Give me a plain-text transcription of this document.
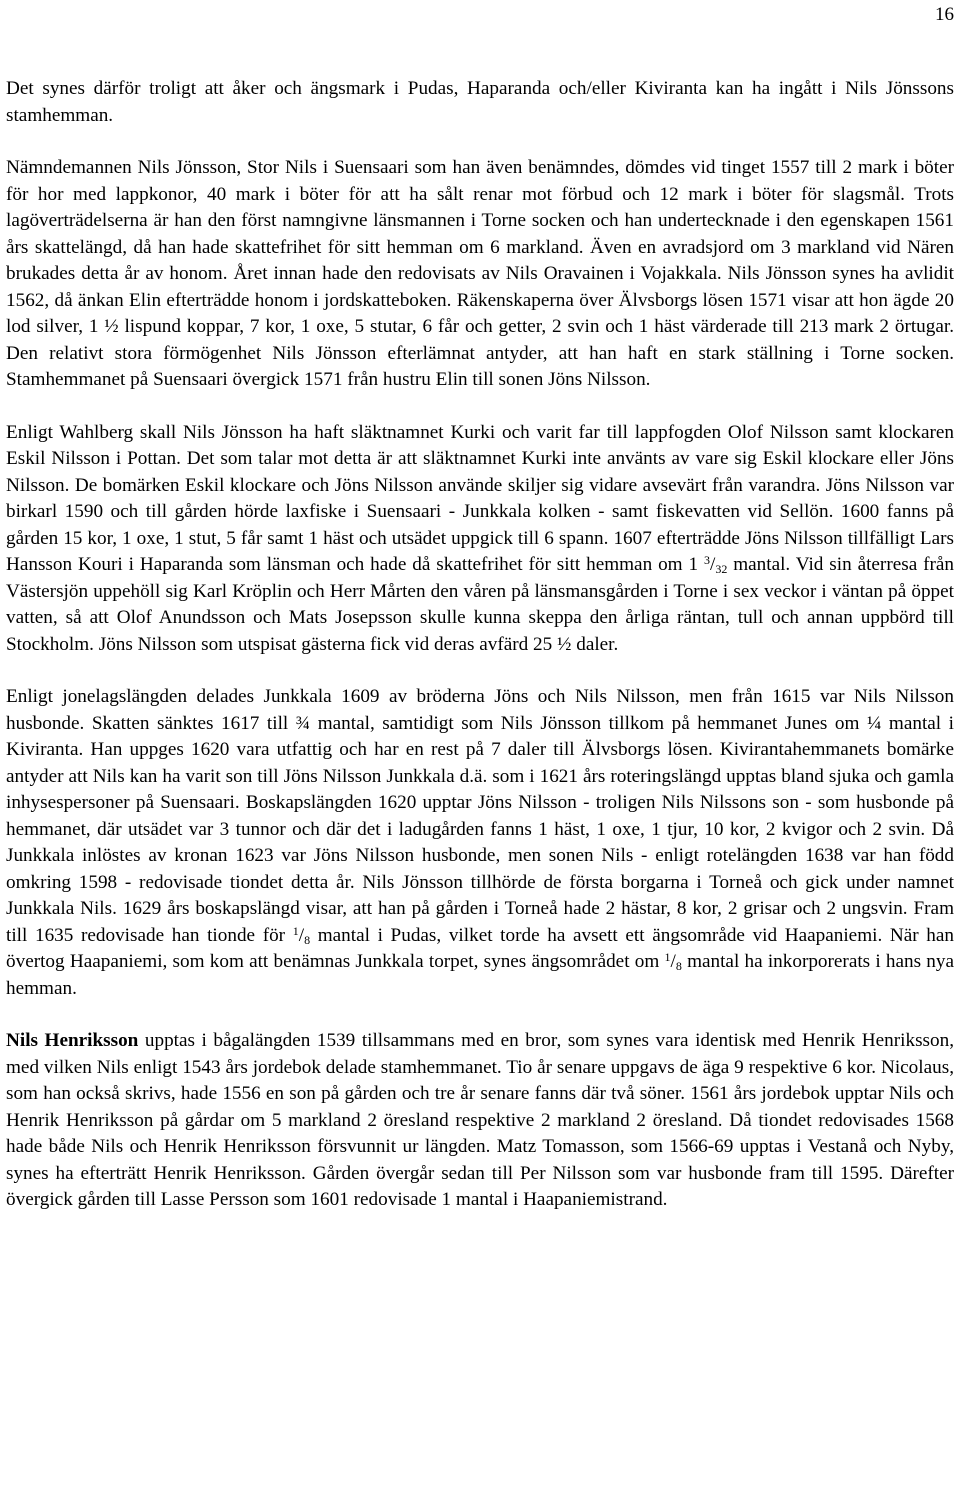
16

Det synes därför troligt att åker och ängsmark i Pudas, Haparanda och/eller Kiviranta kan ha ingått i Nils Jönssons stamhemman.

Nämndemannen Nils Jönsson, Stor Nils i Suensaari som han även benämndes, dömdes vid tinget 1557 till 2 mark i böter för hor med lappkonor, 40 mark i böter för att ha sålt renar mot förbud och 12 mark i böter för slagsmål. Trots lagöverträdelserna är han den först namngivne länsmannen i Torne socken och han undertecknade i den egenskapen 1561 års skattelängd, då han hade skattefrihet för sitt hemman om 6 markland. Även en avradsjord om 3 markland vid Nären brukades detta år av honom. Året innan hade den redovisats av Nils Oravainen i Vojakkala. Nils Jönsson synes ha avlidit 1562, då änkan Elin efterträdde honom i jordskatteboken. Räkenskaperna över Älvsborgs lösen 1571 visar att hon ägde 20 lod silver, 1 ½ lispund koppar, 7 kor, 1 oxe, 5 stutar, 6 får och getter, 2 svin och 1 häst värderade till 213 mark 2 örtugar. Den relativt stora förmögenhet Nils Jönsson efterlämnat antyder, att han haft en stark ställning i Torne socken. Stamhemmanet på Suensaari övergick 1571 från hustru Elin till sonen Jöns Nilsson.

Enligt Wahlberg skall Nils Jönsson ha haft släktnamnet Kurki och varit far till lappfogden Olof Nilsson samt klockaren Eskil Nilsson i Pottan. Det som talar mot detta är att släktnamnet Kurki inte använts av vare sig Eskil klockare eller Jöns Nilsson. De bomärken Eskil klockare och Jöns Nilsson använde skiljer sig vidare avsevärt från varandra. Jöns Nilsson var birkarl 1590 och till gården hörde laxfiske i Suensaari - Junkkala kolken - samt fiskevatten vid Sellön. 1600 fanns på gården 15 kor, 1 oxe, 1 stut, 5 får samt 1 häst och utsädet uppgick till 6 spann. 1607 efterträdde Jöns Nilsson tillfälligt Lars Hansson Kouri i Haparanda som länsman och hade då skattefrihet för sitt hemman om 1 $^3/_{32}$ mantal. Vid sin återresa från Västersjön uppehöll sig Karl Kröplin och Herr Mårten den våren på länsmansgården i Torne i sex veckor i väntan på öppet vatten, så att Olof Anundsson och Mats Josepsson skulle kunna skeppa den årliga räntan, tull och annan uppbörd till Stockholm. Jöns Nilsson som utspisat gästerna fick vid deras avfärd 25 ½ daler.

Enligt jonelagslängden delades Junkkala 1609 av bröderna Jöns och Nils Nilsson, men från 1615 var Nils Nilsson husbonde. Skatten sänktes 1617 till ¾ mantal, samtidigt som Nils Jönsson tillkom på hemmanet Junes om ¼ mantal i Kiviranta. Han uppges 1620 vara utfattig och har en rest på 7 daler till Älvsborgs lösen. Kivirantahemmanets bomärke antyder att Nils kan ha varit son till Jöns Nilsson Junkkala d.ä. som i 1621 års roteringslängd upptas bland sjuka och gamla inhysespersoner på Suensaari. Boskapslängden 1620 upptar Jöns Nilsson - troligen Nils Nilssons son - som husbonde på hemmanet, där utsädet var 3 tunnor och där det i ladugården fanns 1 häst, 1 oxe, 1 tjur, 10 kor, 2 kvigor och 2 svin. Då Junkkala inlöstes av kronan 1623 var Jöns Nilsson husbonde, men sonen Nils - enligt rotelängden 1638 var han född omkring 1598 - redovisade tiondet detta år. Nils Jönsson tillhörde de första borgarna i Torneå och gick under namnet Junkkala Nils. 1629 års boskapslängd visar, att han på gården i Torneå hade 2 hästar, 8 kor, 2 grisar och 2 ungsvin. Fram till 1635 redovisade han tionde för $^1/_8$ mantal i Pudas, vilket torde ha avsett ett ängsområde vid Haapaniemi. När han övertog Haapaniemi, som kom att benämnas Junkkala torpet, synes ängsområdet om $^1/_8$ mantal ha inkorporerats i hans nya hemman.

Nils Henriksson upptas i bågalängden 1539 tillsammans med en bror, som synes vara identisk med Henrik Henriksson, med vilken Nils enligt 1543 års jordebok delade stamhemmanet. Tio år senare uppgavs de äga 9 respektive 6 kor. Nicolaus, som han också skrivs, hade 1556 en son på gården och tre år senare fanns där två söner. 1561 års jordebok upptar Nils och Henrik Henriksson på gårdar om 5 markland 2 öresland respektive 2 markland 2 öresland. Då tiondet redovisades 1568 hade både Nils och Henrik Henriksson försvunnit ur längden. Matz Tomasson, som 1566-69 upptas i Vestanå och Nyby, synes ha efterträtt Henrik Henriksson. Gården övergår sedan till Per Nilsson som var husbonde fram till 1595. Därefter övergick gården till Lasse Persson som 1601 redovisade 1 mantal i Haapaniemistrand.
